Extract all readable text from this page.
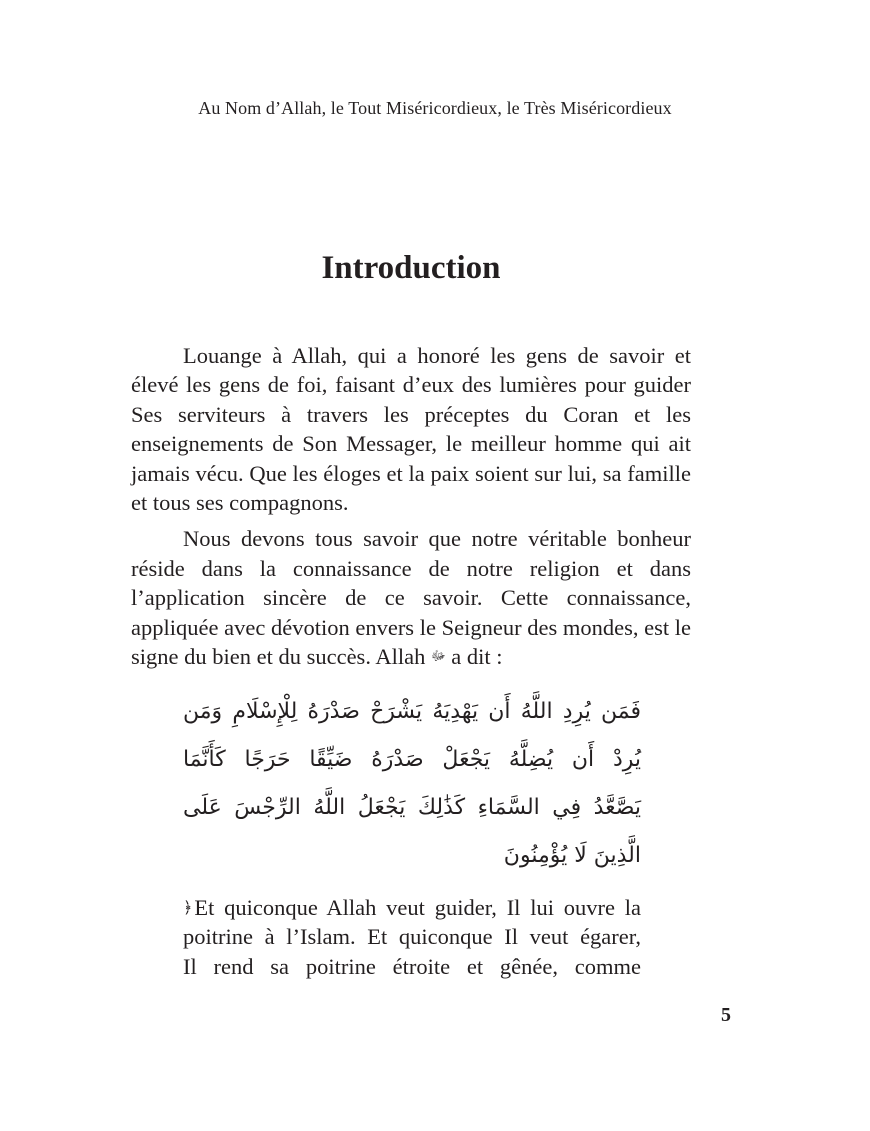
Au Nom d’Allah, le Tout Miséricordieux, le Très Miséricordieux
Introduction

Louange à Allah, qui a honoré les gens de savoir et élevé les gens de foi, faisant d’eux des lumières pour guider Ses serviteurs à travers les préceptes du Coran et les enseignements de Son Messager, le meilleur homme qui ait jamais vécu. Que les éloges et la paix soient sur lui, sa famille et tous ses compagnons.

Nous devons tous savoir que notre véritable bonheur réside dans la connaissance de notre religion et dans l’application sincère de ce savoir. Cette connaissance, appliquée avec dévotion envers le Seigneur des mondes, est le signe du bien et du succès. Allah ﷻ a dit :

فَمَن يُرِدِ اللَّهُ أَن يَهْدِيَهُ يَشْرَحْ صَدْرَهُ لِلْإِسْلَامِ وَمَن
يُرِدْ أَن يُضِلَّهُ يَجْعَلْ صَدْرَهُ ضَيِّقًا حَرَجًا كَأَنَّمَا
يَصَّعَّدُ فِي السَّمَاءِ كَذَٰلِكَ يَجْعَلُ اللَّهُ الرِّجْسَ عَلَى
الَّذِينَ لَا يُؤْمِنُونَ
﴿Et quiconque Allah veut guider, Il lui ouvre la
poitrine à l’Islam. Et quiconque Il veut égarer,
Il rend sa poitrine étroite et gênée, comme
5
